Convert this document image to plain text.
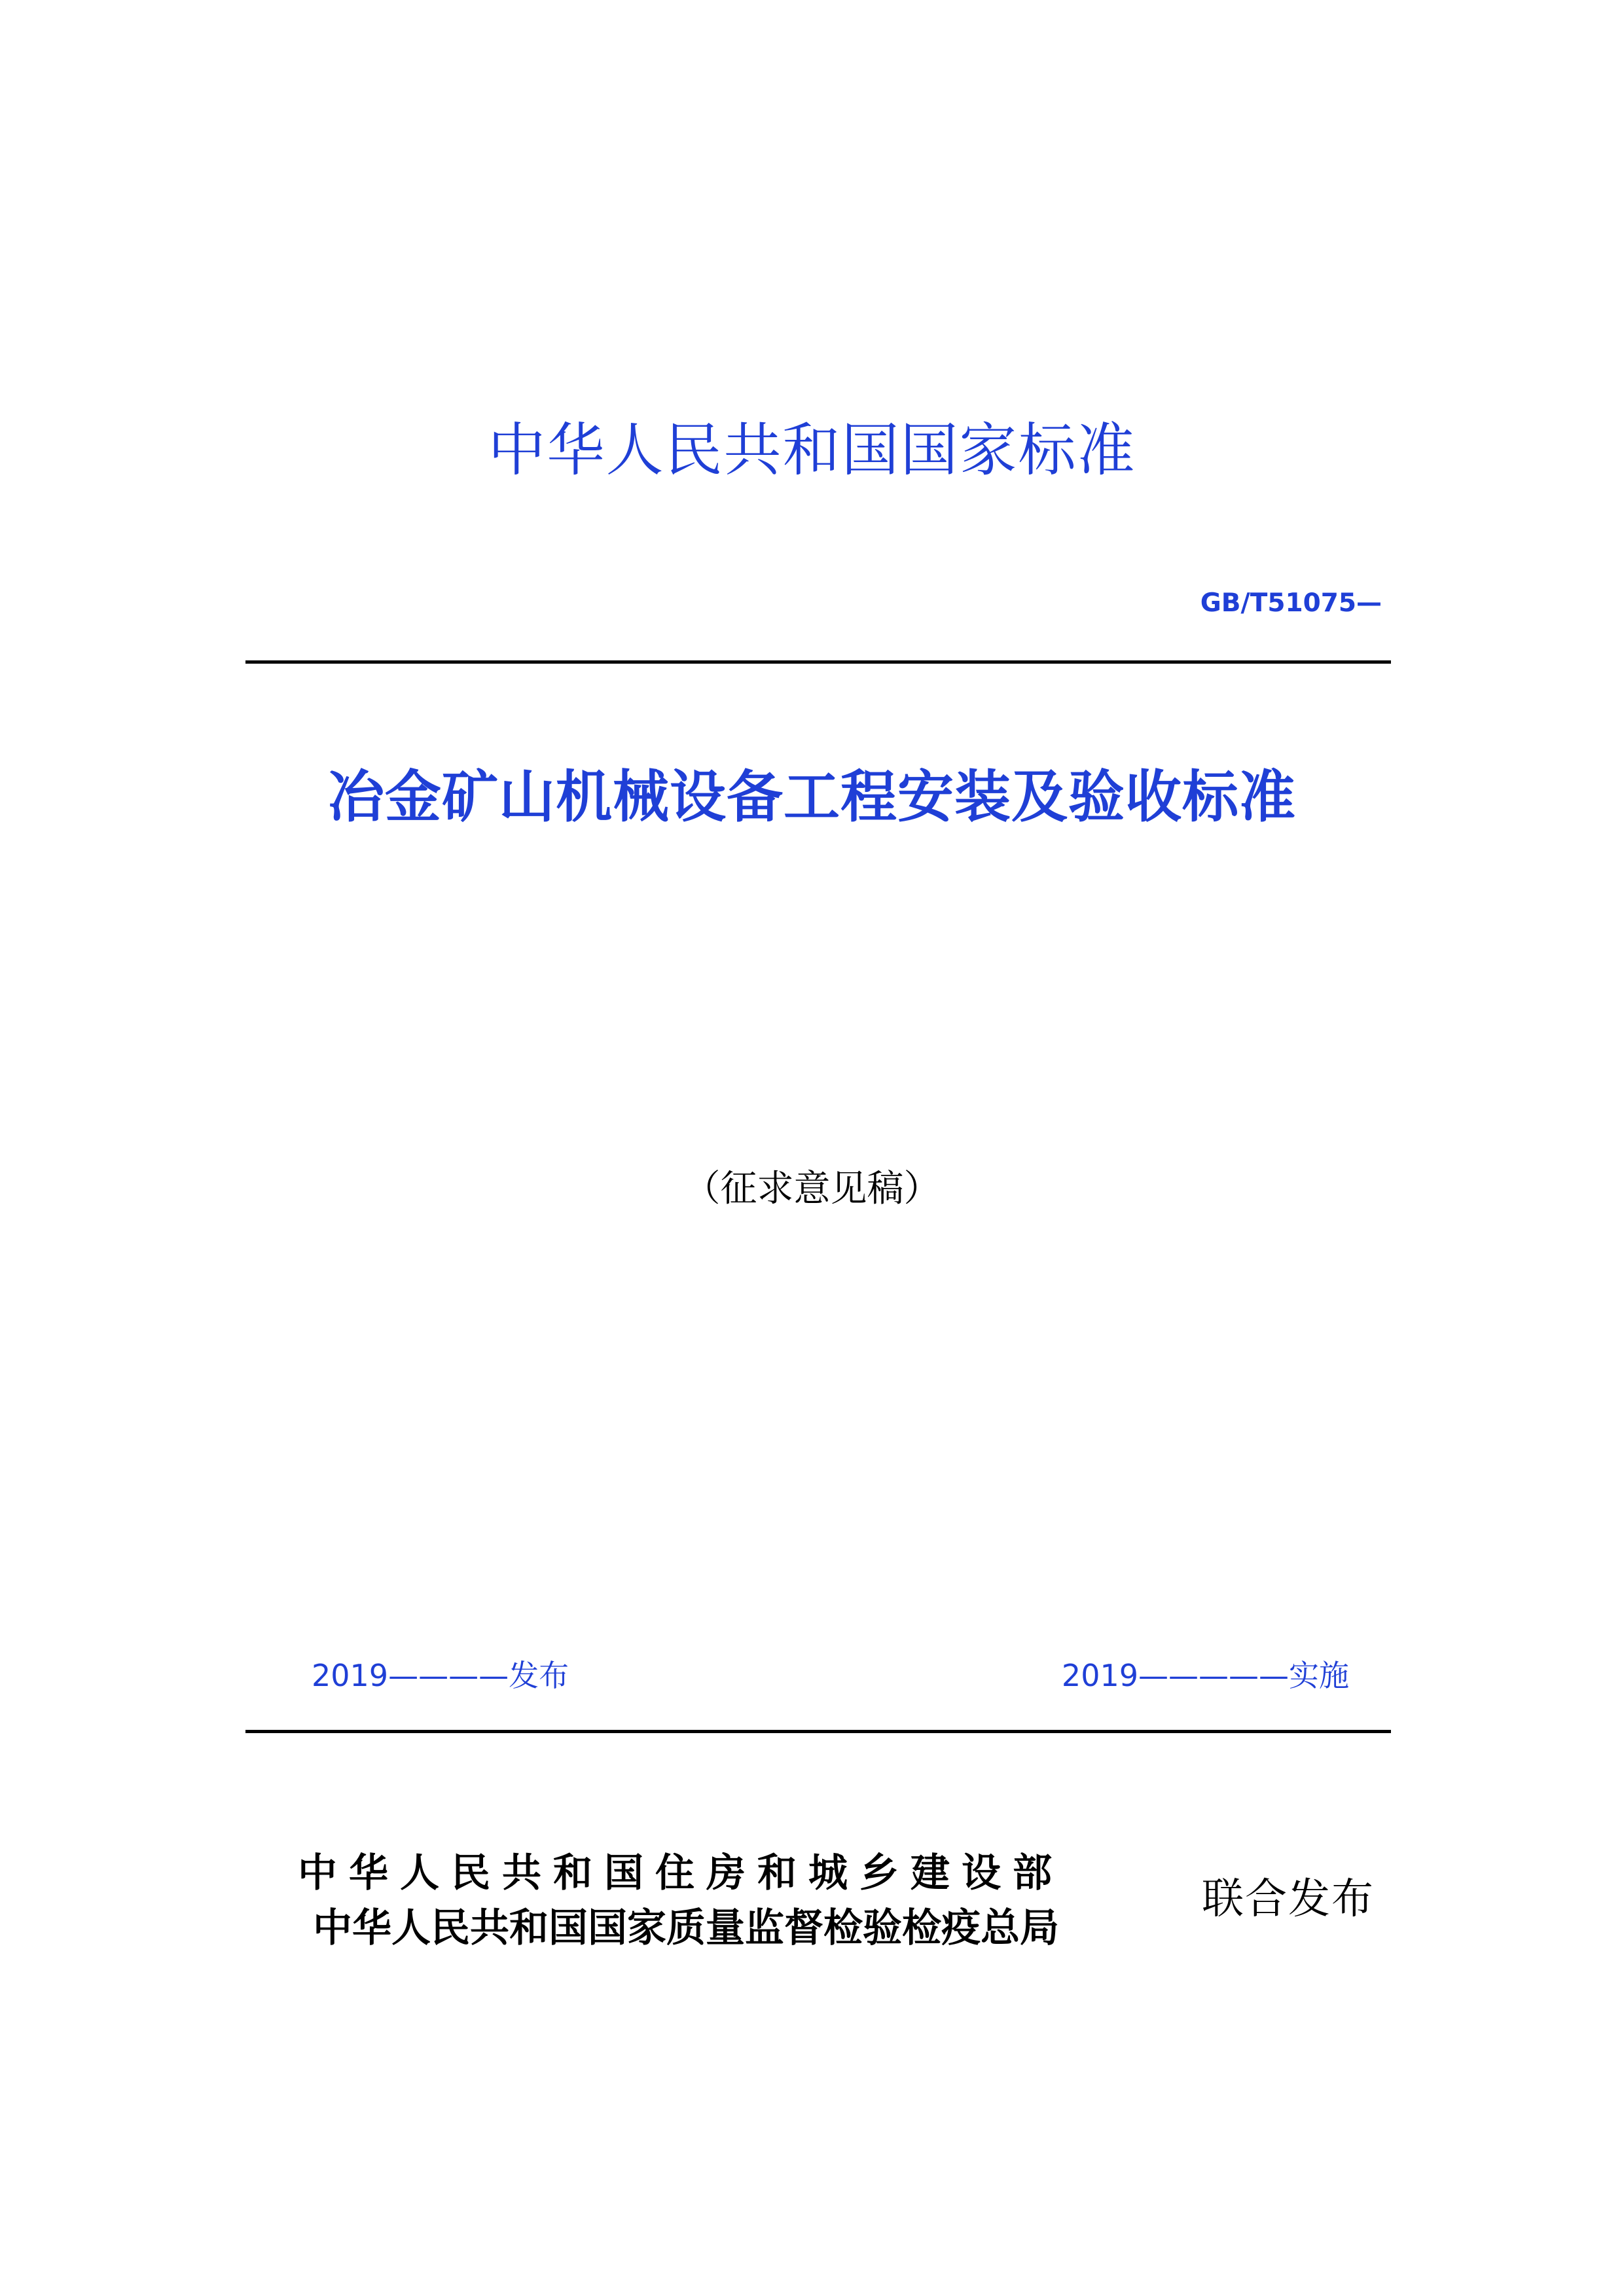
中华人民共和国国家标准
GB/T51075—
冶金矿山机械设备工程安装及验收标准
（征求意见稿）
2019————发布	2019—————实施
中华人民共和国住房和城乡建设部
中华人民共和国国家质量监督检验检疫总局
联合发布
